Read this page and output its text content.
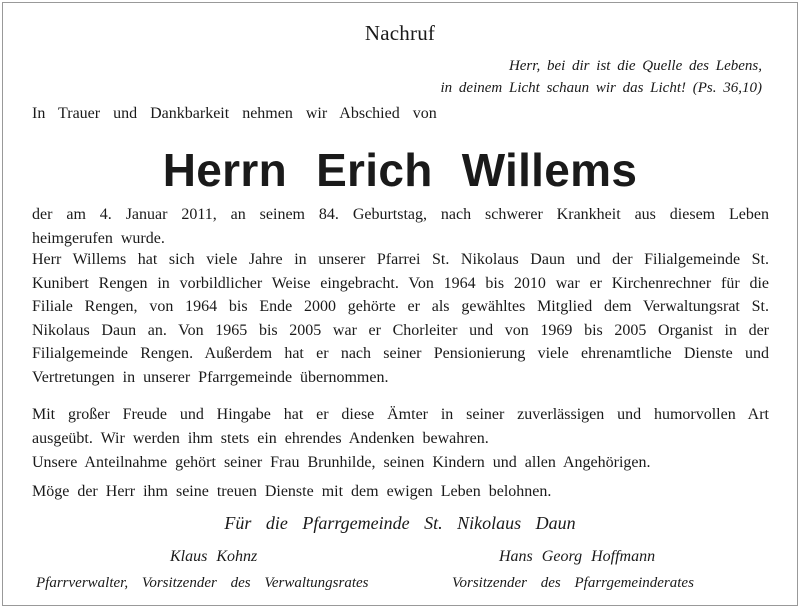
Nachruf
Herr, bei dir ist die Quelle des Lebens,
in deinem Licht schaun wir das Licht! (Ps. 36,10)
In Trauer und Dankbarkeit nehmen wir Abschied von
Herrn Erich Willems
der am 4. Januar 2011, an seinem 84. Geburtstag, nach schwerer Krankheit aus diesem Leben heimgerufen wurde.
Herr Willems hat sich viele Jahre in unserer Pfarrei St. Nikolaus Daun und der Filialgemeinde St. Kunibert Rengen in vorbildlicher Weise eingebracht. Von 1964 bis 2010 war er Kirchenrechner für die Filiale Rengen, von 1964 bis Ende 2000 gehörte er als gewähltes Mitglied dem Verwaltungsrat St. Nikolaus Daun an. Von 1965 bis 2005 war er Chorleiter und von 1969 bis 2005 Organist in der Filialgemeinde Rengen. Außerdem hat er nach seiner Pensionierung viele ehrenamtliche Dienste und Vertretungen in unserer Pfarrgemeinde übernommen.
Mit großer Freude und Hingabe hat er diese Ämter in seiner zuverlässigen und humorvollen Art ausgeübt. Wir werden ihm stets ein ehrendes Andenken bewahren.
Unsere Anteilnahme gehört seiner Frau Brunhilde, seinen Kindern und allen Angehörigen.
Möge der Herr ihm seine treuen Dienste mit dem ewigen Leben belohnen.
Für die Pfarrgemeinde St. Nikolaus Daun
Klaus Kohnz	Hans Georg Hoffmann
Pfarrverwalter, Vorsitzender des Verwaltungsrates	Vorsitzender des Pfarrgemeinderates
